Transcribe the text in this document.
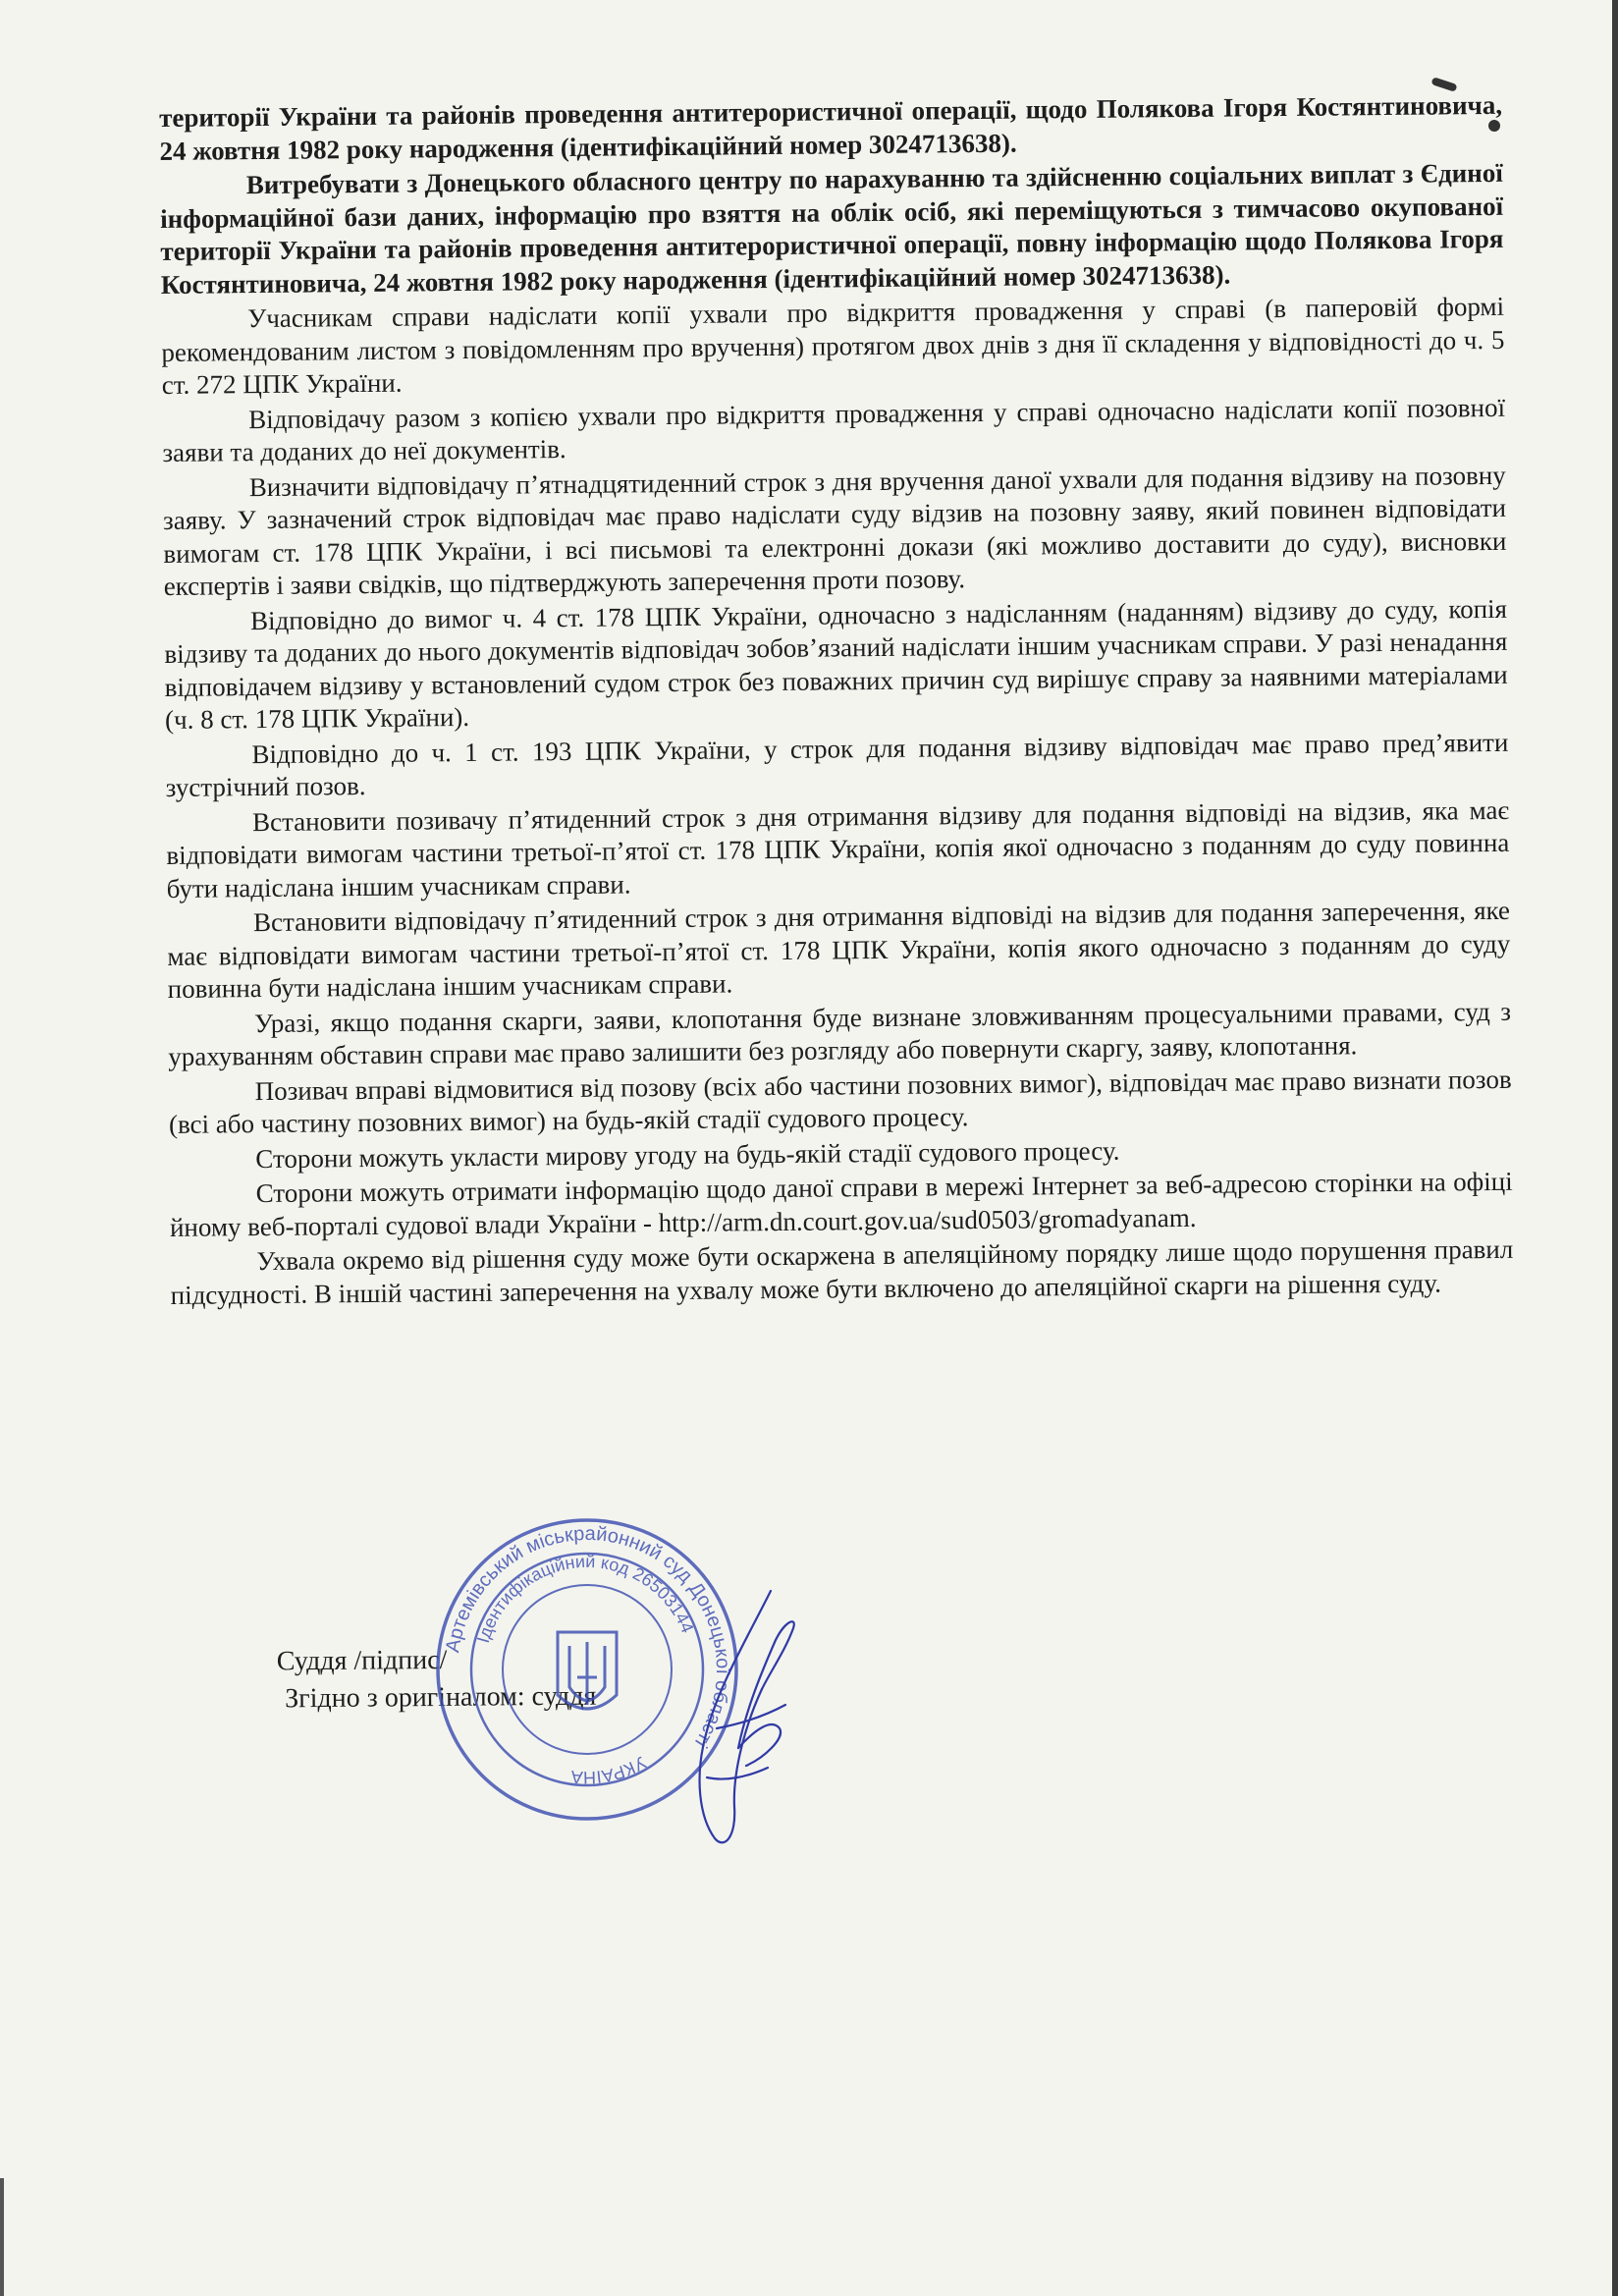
території України та районів проведення антитерористичної операції, щодо Полякова Ігоря Костянтиновича, 24 жовтня 1982 року народження (ідентифікаційний номер 3024713638).

Витребувати з Донецького обласного центру по нарахуванню та здійсненню соціальних виплат з Єдиної інформаційної бази даних, інформацію про взяття на облік осіб, які переміщуються з тимчасово окупованої території України та районів проведення антитерористичної операції, повну інформацію щодо Полякова Ігоря Костянтиновича, 24 жовтня 1982 року народження (ідентифікаційний номер 3024713638).

Учасникам справи надіслати копії ухвали про відкриття провадження у справі (в паперовій формі рекомендованим листом з повідомленням про вручення) протягом двох днів з дня її складення у відповідності до ч. 5 ст. 272 ЦПК України.

Відповідачу разом з копією ухвали про відкриття провадження у справі одночасно надіслати копії позовної заяви та доданих до неї документів.

Визначити відповідачу п’ятнадцятиденний строк з дня вручення даної ухвали для подання відзиву на позовну заяву. У зазначений строк відповідач має право надіслати суду відзив на позовну заяву, який повинен відповідати вимогам ст. 178 ЦПК України, і всі письмові та електронні докази (які можливо доставити до суду), висновки експертів і заяви свідків, що підтверджують заперечення проти позову.

Відповідно до вимог ч. 4 ст. 178 ЦПК України, одночасно з надісланням (наданням) відзиву до суду, копія відзиву та доданих до нього документів відповідач зобов’язаний надіслати іншим учасникам справи. У разі ненадання відповідачем відзиву у встановлений судом строк без поважних причин суд вирішує справу за наявними матеріалами (ч. 8 ст. 178 ЦПК України).

Відповідно до ч. 1 ст. 193 ЦПК України, у строк для подання відзиву відповідач має право пред’явити зустрічний позов.

Встановити позивачу п’ятиденний строк з дня отримання відзиву для подання відповіді на відзив, яка має відповідати вимогам частини третьої-п’ятої ст. 178 ЦПК України, копія якої одночасно з поданням до суду повинна бути надіслана іншим учасникам справи.

Встановити відповідачу п’ятиденний строк з дня отримання відповіді на відзив для подання заперечення, яке має відповідати вимогам частини третьої-п’ятої ст. 178 ЦПК України, копія якого одночасно з поданням до суду повинна бути надіслана іншим учасникам справи.

Уразі, якщо подання скарги, заяви, клопотання буде визнане зловживанням процесуальними правами, суд з урахуванням обставин справи має право залишити без розгляду або повернути скаргу, заяву, клопотання.

Позивач вправі відмовитися від позову (всіх або частини позовних вимог), відповідач має право визнати позов (всі або частину позовних вимог) на будь-якій стадії судового процесу.

Сторони можуть укласти мирову угоду на будь-якій стадії судового процесу.

Сторони можуть отримати інформацію щодо даної справи в мережі Інтернет за веб-адресою сторінки на офіційному веб-порталі судової влади України - http://arm.dn.court.gov.ua/sud0503/gromadyanam.

Ухвала окремо від рішення суду може бути оскаржена в апеляційному порядку лише щодо порушення правил підсудності. В іншій частині заперечення на ухвалу може бути включено до апеляційної скарги на рішення суду.

Суддя /підпис/

Згідно з оригіналом: суддя

Артемівський міськрайонний суд Донецької області
Ідентифікаційний код 26503144
УКРАЇНА
